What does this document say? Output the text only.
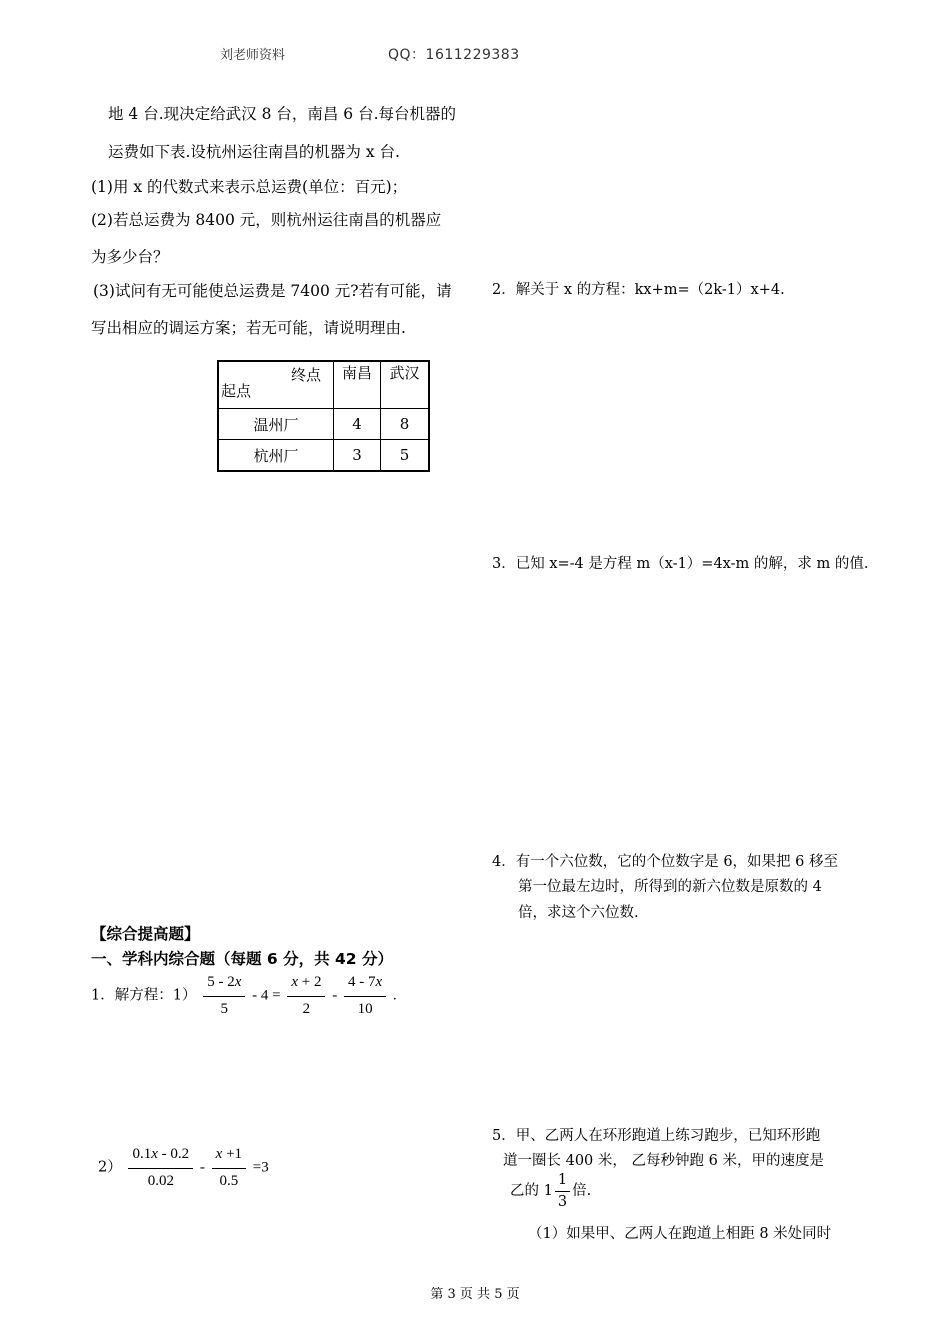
刘老师资料	QQ：1611229383
地 4 台.现决定给武汉 8 台，南昌 6 台.每台机器的
运费如下表.设杭州运往南昌的机器为 x 台.
(1)用 x 的代数式来表示总运费(单位：百元)；
(2)若总运费为 8400 元，则杭州运往南昌的机器应
为多少台？
(3)试问有无可能使总运费是 7400 元?若有可能，请
写出相应的调运方案；若无可能，请说明理由.
终点
起点	南昌	武汉
温州厂	4	8
杭州厂	3	5
【综合提高题】
一、学科内综合题（每题 6 分，共 42 分）
1．解方程：$1) \frac{5 - 2x}{5} - 4 = \frac{x + 2}{2} - \frac{4 - 7x}{10}$ .
$2) \frac{0.1x - 0.2}{0.02} - \frac{x +1}{0.5} =3$
2．解关于 x 的方程：kx+m=（2k-1）x+4.
3．已知 x=-4 是方程 m（x-1）=4x-m 的解，求 m 的值.
4．有一个六位数，它的个位数字是 6，如果把 6 移至
第一位最左边时，所得到的新六位数是原数的 4
倍，求这个六位数.
5．甲、乙两人在环形跑道上练习跑步，已知环形跑
道一圈长 400 米， 乙每秒钟跑 6 米，甲的速度是
乙的 $1 \frac{1}{3}$ 倍.
（1）如果甲、乙两人在跑道上相距 8 米处同时
第 3 页 共 5 页
